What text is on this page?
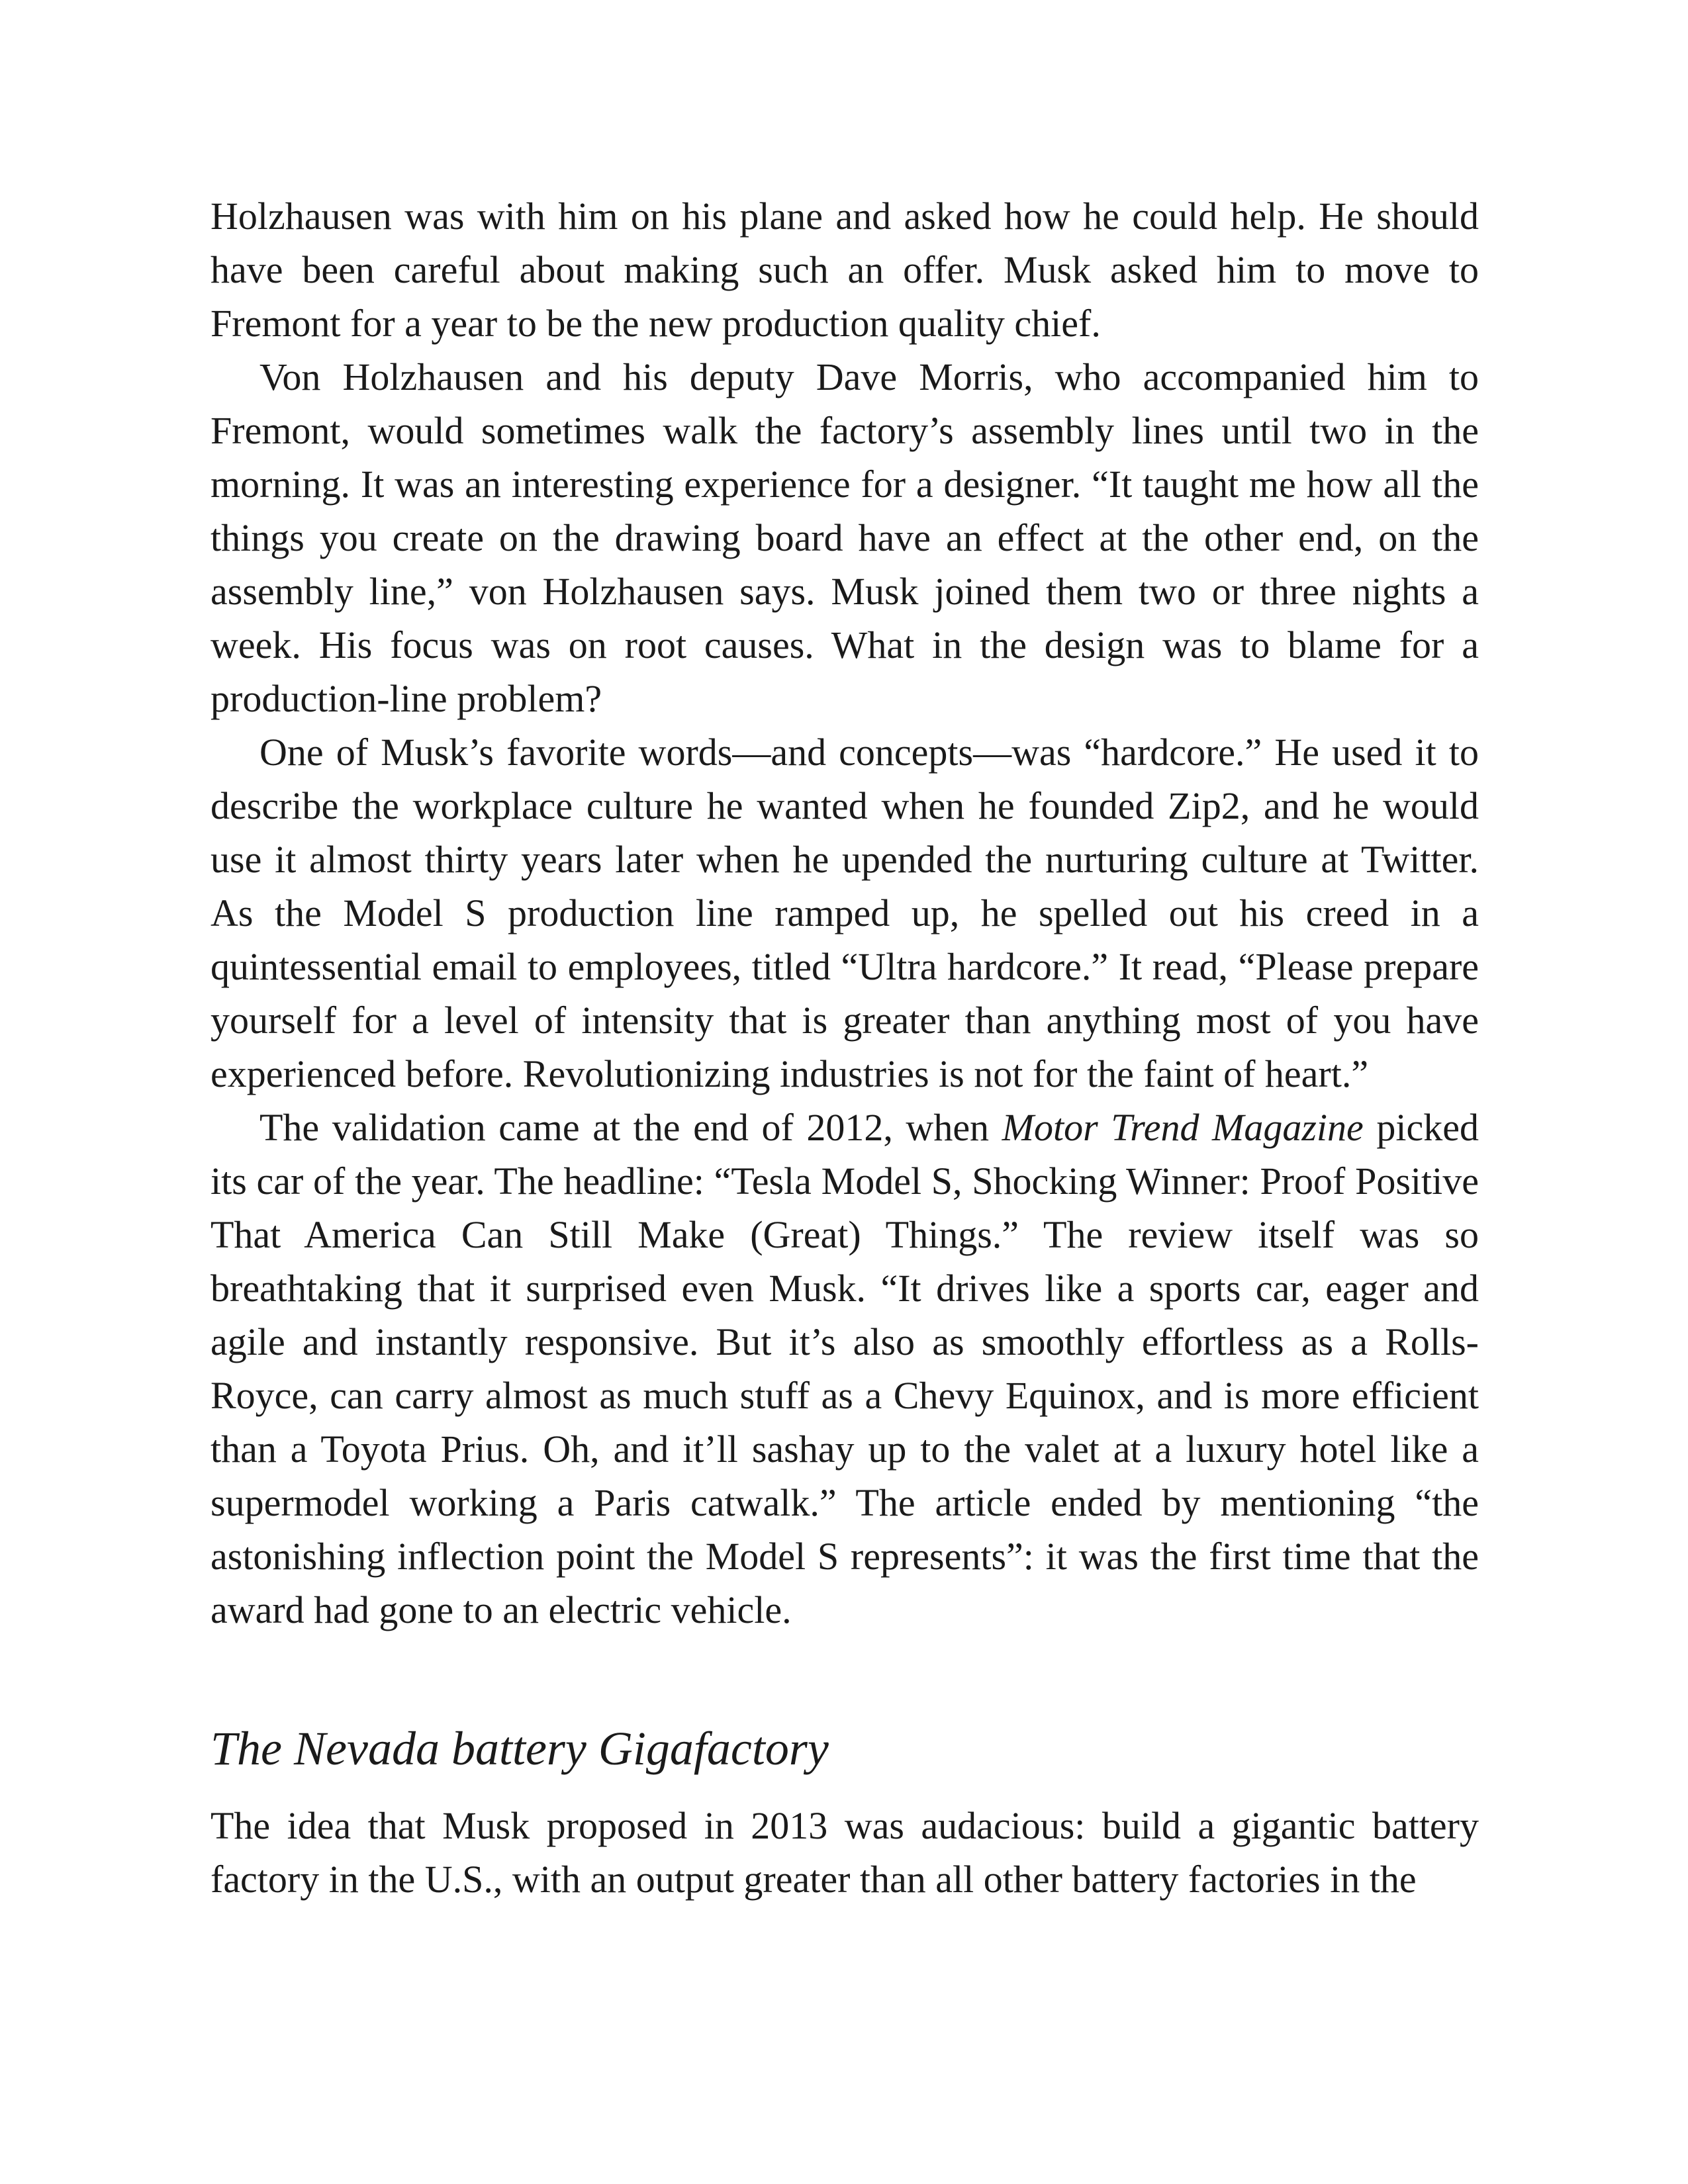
Holzhausen was with him on his plane and asked how he could help. He should have been careful about making such an offer. Musk asked him to move to Fremont for a year to be the new production quality chief.

Von Holzhausen and his deputy Dave Morris, who accompanied him to Fremont, would sometimes walk the factory’s assembly lines until two in the morning. It was an interesting experience for a designer. “It taught me how all the things you create on the drawing board have an effect at the other end, on the assembly line,” von Holzhausen says. Musk joined them two or three nights a week. His focus was on root causes. What in the design was to blame for a production-line problem?

One of Musk’s favorite words—and concepts—was “hardcore.” He used it to describe the workplace culture he wanted when he founded Zip2, and he would use it almost thirty years later when he upended the nurturing culture at Twitter. As the Model S production line ramped up, he spelled out his creed in a quintessential email to employees, titled “Ultra hardcore.” It read, “Please prepare yourself for a level of intensity that is greater than anything most of you have experienced before. Revolutionizing industries is not for the faint of heart.”

The validation came at the end of 2012, when Motor Trend Magazine picked its car of the year. The headline: “Tesla Model S, Shocking Winner: Proof Positive That America Can Still Make (Great) Things.” The review itself was so breathtaking that it surprised even Musk. “It drives like a sports car, eager and agile and instantly responsive. But it’s also as smoothly effortless as a Rolls-Royce, can carry almost as much stuff as a Chevy Equinox, and is more efficient than a Toyota Prius. Oh, and it’ll sashay up to the valet at a luxury hotel like a supermodel working a Paris catwalk.” The article ended by mentioning “the astonishing inflection point the Model S represents”: it was the first time that the award had gone to an electric vehicle.

The Nevada battery Gigafactory

The idea that Musk proposed in 2013 was audacious: build a gigantic battery factory in the U.S., with an output greater than all other battery factories in the
